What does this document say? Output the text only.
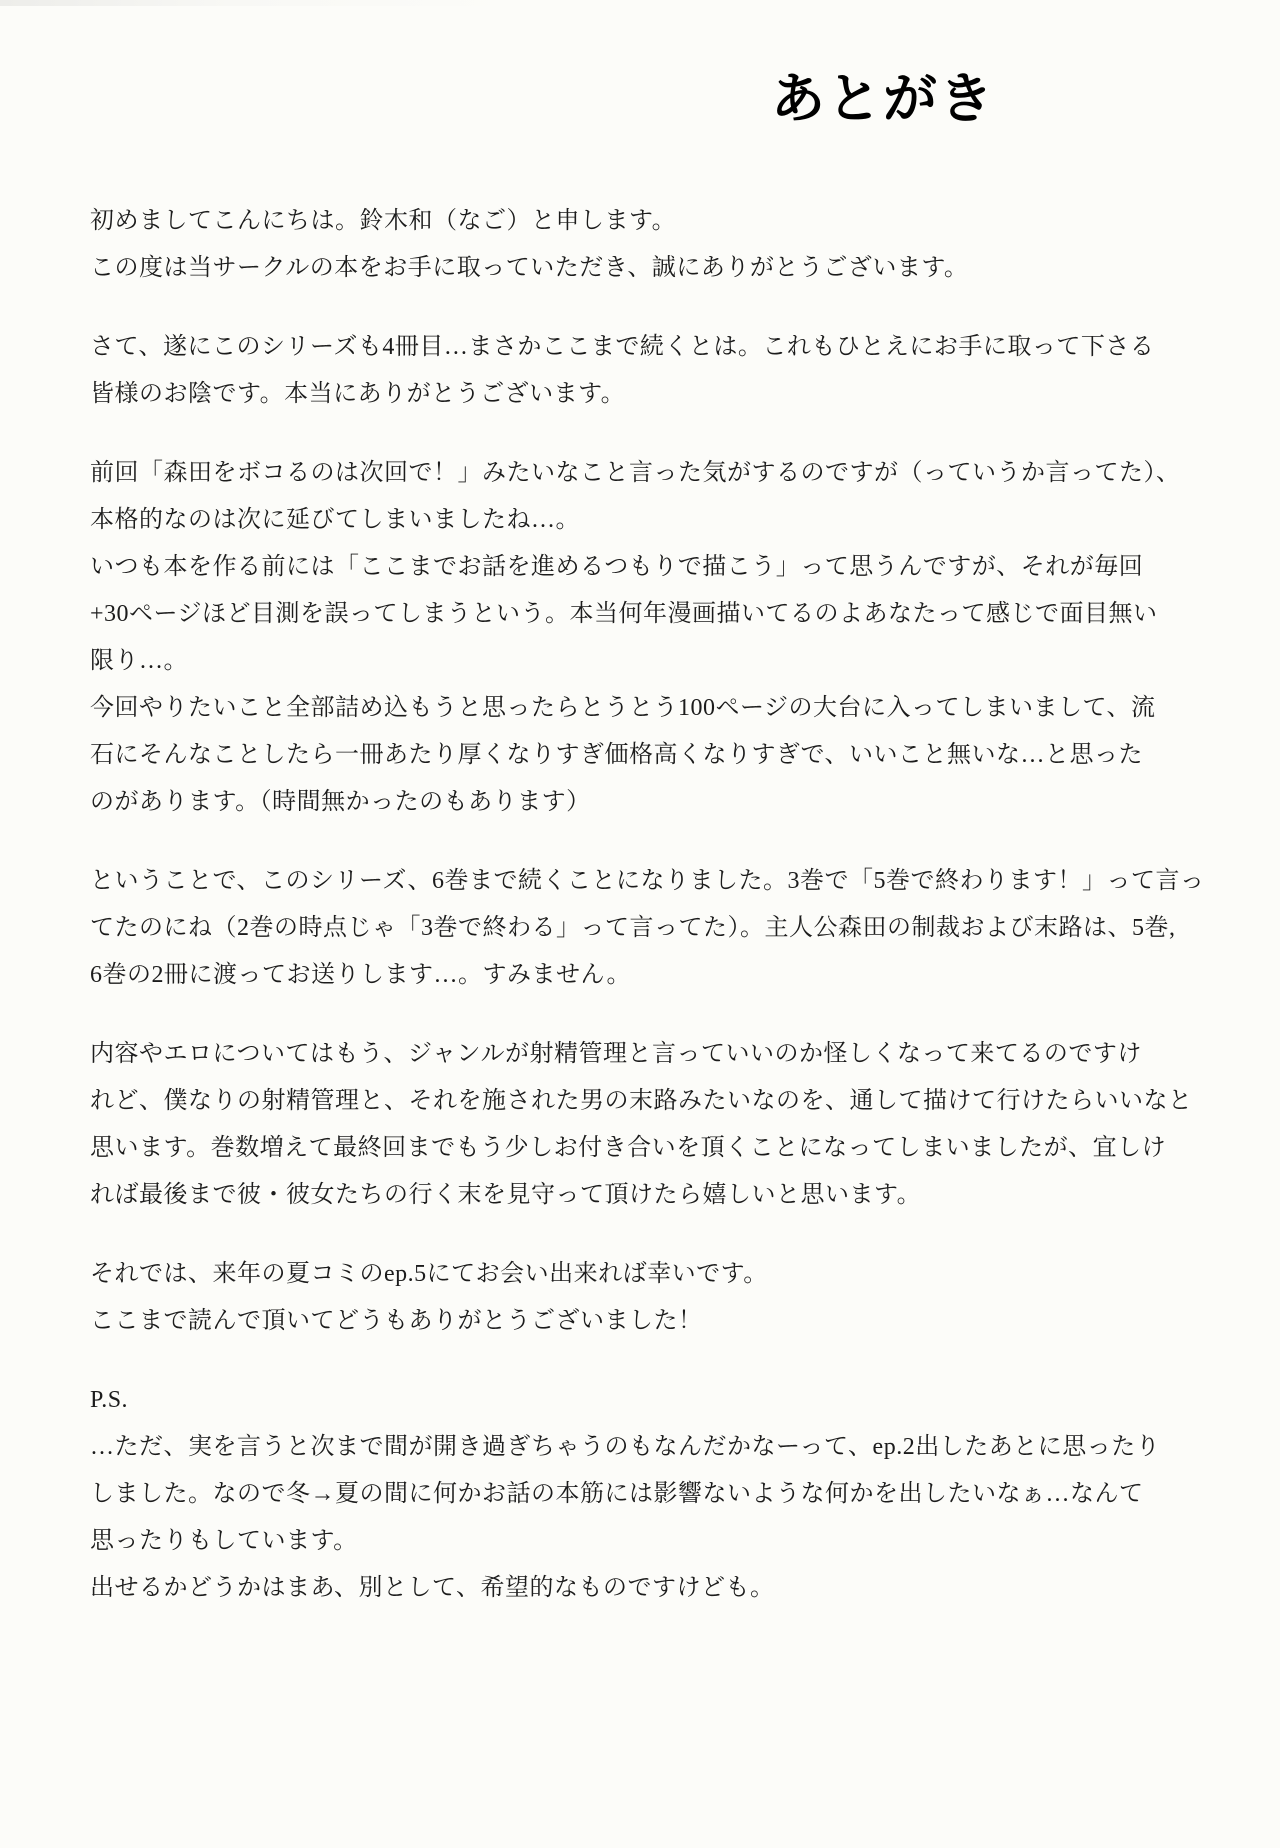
あとがき

初めましてこんにちは。鈴木和（なご）と申します。

この度は当サークルの本をお手に取っていただき、誠にありがとうございます。

さて、遂にこのシリーズも4冊目…まさかここまで続くとは。これもひとえにお手に取って下さる

皆様のお陰です。本当にありがとうございます。

前回「森田をボコるのは次回で！」みたいなこと言った気がするのですが（っていうか言ってた）、

本格的なのは次に延びてしまいましたね…。

いつも本を作る前には「ここまでお話を進めるつもりで描こう」って思うんですが、それが毎回

+30ページほど目測を誤ってしまうという。本当何年漫画描いてるのよあなたって感じで面目無い

限り…。

今回やりたいこと全部詰め込もうと思ったらとうとう100ページの大台に入ってしまいまして、流

石にそんなことしたら一冊あたり厚くなりすぎ価格高くなりすぎで、いいこと無いな…と思った

のがあります。（時間無かったのもあります）

ということで、このシリーズ、6巻まで続くことになりました。3巻で「5巻で終わります！」って言っ

てたのにね（2巻の時点じゃ「3巻で終わる」って言ってた）。主人公森田の制裁および末路は、5巻,

6巻の2冊に渡ってお送りします…。すみません。

内容やエロについてはもう、ジャンルが射精管理と言っていいのか怪しくなって来てるのですけ

れど、僕なりの射精管理と、それを施された男の末路みたいなのを、通して描けて行けたらいいなと

思います。巻数増えて最終回までもう少しお付き合いを頂くことになってしまいましたが、宜しけ

れば最後まで彼・彼女たちの行く末を見守って頂けたら嬉しいと思います。

それでは、来年の夏コミのep.5にてお会い出来れば幸いです。

ここまで読んで頂いてどうもありがとうございました！

P.S.

…ただ、実を言うと次まで間が開き過ぎちゃうのもなんだかなーって、ep.2出したあとに思ったり

しました。なので冬→夏の間に何かお話の本筋には影響ないような何かを出したいなぁ…なんて

思ったりもしています。

出せるかどうかはまあ、別として、希望的なものですけども。
